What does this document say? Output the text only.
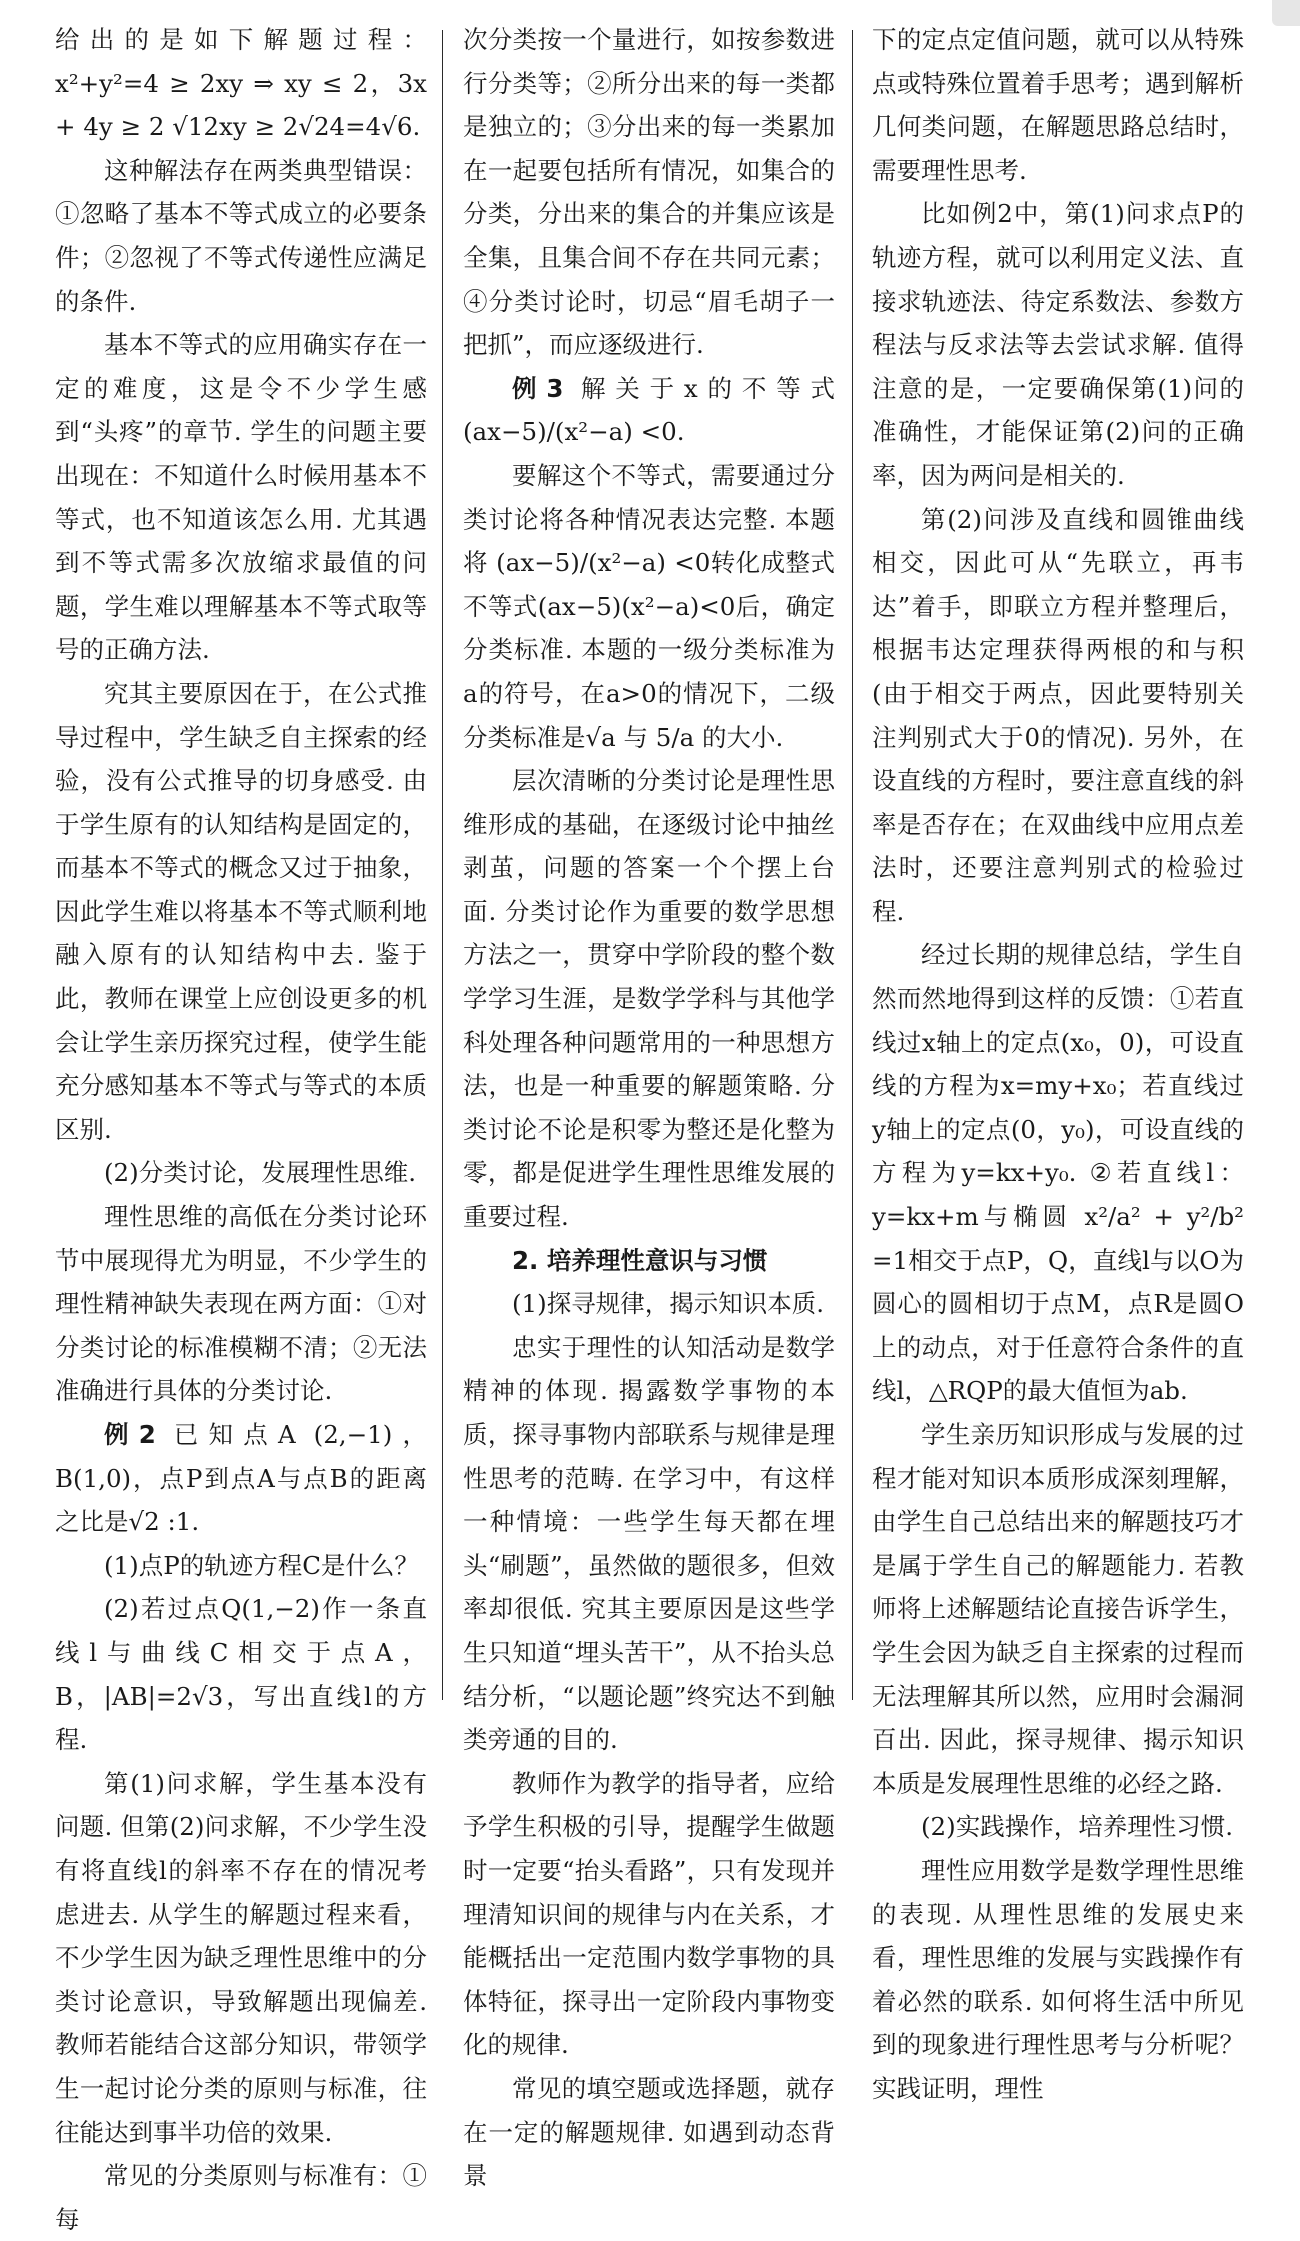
给出的是如下解题过程：x²+y²=4 ≥ 2xy ⇒ xy ≤ 2，3x + 4y ≥ 2 √12xy ≥ 2√24=4√6.

这种解法存在两类典型错误：①忽略了基本不等式成立的必要条件；②忽视了不等式传递性应满足的条件.

基本不等式的应用确实存在一定的难度，这是令不少学生感到“头疼”的章节. 学生的问题主要出现在：不知道什么时候用基本不等式，也不知道该怎么用. 尤其遇到不等式需多次放缩求最值的问题，学生难以理解基本不等式取等号的正确方法.

究其主要原因在于，在公式推导过程中，学生缺乏自主探索的经验，没有公式推导的切身感受. 由于学生原有的认知结构是固定的，而基本不等式的概念又过于抽象，因此学生难以将基本不等式顺利地融入原有的认知结构中去. 鉴于此，教师在课堂上应创设更多的机会让学生亲历探究过程，使学生能充分感知基本不等式与等式的本质区别.

(2)分类讨论，发展理性思维.

理性思维的高低在分类讨论环节中展现得尤为明显，不少学生的理性精神缺失表现在两方面：①对分类讨论的标准模糊不清；②无法准确进行具体的分类讨论.

例2 已知点A (2,−1)，B(1,0)，点P到点A与点B的距离之比是√2 :1.

(1)点P的轨迹方程C是什么？

(2)若过点Q(1,−2)作一条直线l与曲线C相交于点A，B，|AB|=2√3，写出直线l的方程.

第(1)问求解，学生基本没有问题. 但第(2)问求解，不少学生没有将直线l的斜率不存在的情况考虑进去. 从学生的解题过程来看，不少学生因为缺乏理性思维中的分类讨论意识，导致解题出现偏差. 教师若能结合这部分知识，带领学生一起讨论分类的原则与标准，往往能达到事半功倍的效果.

常见的分类原则与标准有：①每

次分类按一个量进行，如按参数进行分类等；②所分出来的每一类都是独立的；③分出来的每一类累加在一起要包括所有情况，如集合的分类，分出来的集合的并集应该是全集，且集合间不存在共同元素；④分类讨论时，切忌“眉毛胡子一把抓”，而应逐级进行.

例3 解关于x的不等式 (ax−5)/(x²−a) <0.

要解这个不等式，需要通过分类讨论将各种情况表达完整. 本题将 (ax−5)/(x²−a) <0转化成整式不等式(ax−5)(x²−a)<0后，确定分类标准. 本题的一级分类标准为a的符号，在a>0的情况下，二级分类标准是√a 与 5/a 的大小.

层次清晰的分类讨论是理性思维形成的基础，在逐级讨论中抽丝剥茧，问题的答案一个个摆上台面. 分类讨论作为重要的数学思想方法之一，贯穿中学阶段的整个数学学习生涯，是数学学科与其他学科处理各种问题常用的一种思想方法，也是一种重要的解题策略. 分类讨论不论是积零为整还是化整为零，都是促进学生理性思维发展的重要过程.

2. 培养理性意识与习惯

(1)探寻规律，揭示知识本质.

忠实于理性的认知活动是数学精神的体现. 揭露数学事物的本质，探寻事物内部联系与规律是理性思考的范畴. 在学习中，有这样一种情境：一些学生每天都在埋头“刷题”，虽然做的题很多，但效率却很低. 究其主要原因是这些学生只知道“埋头苦干”，从不抬头总结分析，“以题论题”终究达不到触类旁通的目的.

教师作为教学的指导者，应给予学生积极的引导，提醒学生做题时一定要“抬头看路”，只有发现并理清知识间的规律与内在关系，才能概括出一定范围内数学事物的具体特征，探寻出一定阶段内事物变化的规律.

常见的填空题或选择题，就存在一定的解题规律. 如遇到动态背景

下的定点定值问题，就可以从特殊点或特殊位置着手思考；遇到解析几何类问题，在解题思路总结时，需要理性思考.

比如例2中，第(1)问求点P的轨迹方程，就可以利用定义法、直接求轨迹法、待定系数法、参数方程法与反求法等去尝试求解. 值得注意的是，一定要确保第(1)问的准确性，才能保证第(2)问的正确率，因为两问是相关的.

第(2)问涉及直线和圆锥曲线相交，因此可从“先联立，再韦达”着手，即联立方程并整理后，根据韦达定理获得两根的和与积(由于相交于两点，因此要特别关注判别式大于0的情况). 另外，在设直线的方程时，要注意直线的斜率是否存在；在双曲线中应用点差法时，还要注意判别式的检验过程.

经过长期的规律总结，学生自然而然地得到这样的反馈：①若直线过x轴上的定点(x₀，0)，可设直线的方程为x=my+x₀；若直线过y轴上的定点(0，y₀)，可设直线的方程为y=kx+y₀. ②若直线l：y=kx+m与椭圆 x²/a² + y²/b² =1相交于点P，Q，直线l与以O为圆心的圆相切于点M，点R是圆O上的动点，对于任意符合条件的直线l，△RQP的最大值恒为ab.

学生亲历知识形成与发展的过程才能对知识本质形成深刻理解，由学生自己总结出来的解题技巧才是属于学生自己的解题能力. 若教师将上述解题结论直接告诉学生，学生会因为缺乏自主探索的过程而无法理解其所以然，应用时会漏洞百出. 因此，探寻规律、揭示知识本质是发展理性思维的必经之路.

(2)实践操作，培养理性习惯.

理性应用数学是数学理性思维的表现. 从理性思维的发展史来看，理性思维的发展与实践操作有着必然的联系. 如何将生活中所见到的现象进行理性思考与分析呢？实践证明，理性
